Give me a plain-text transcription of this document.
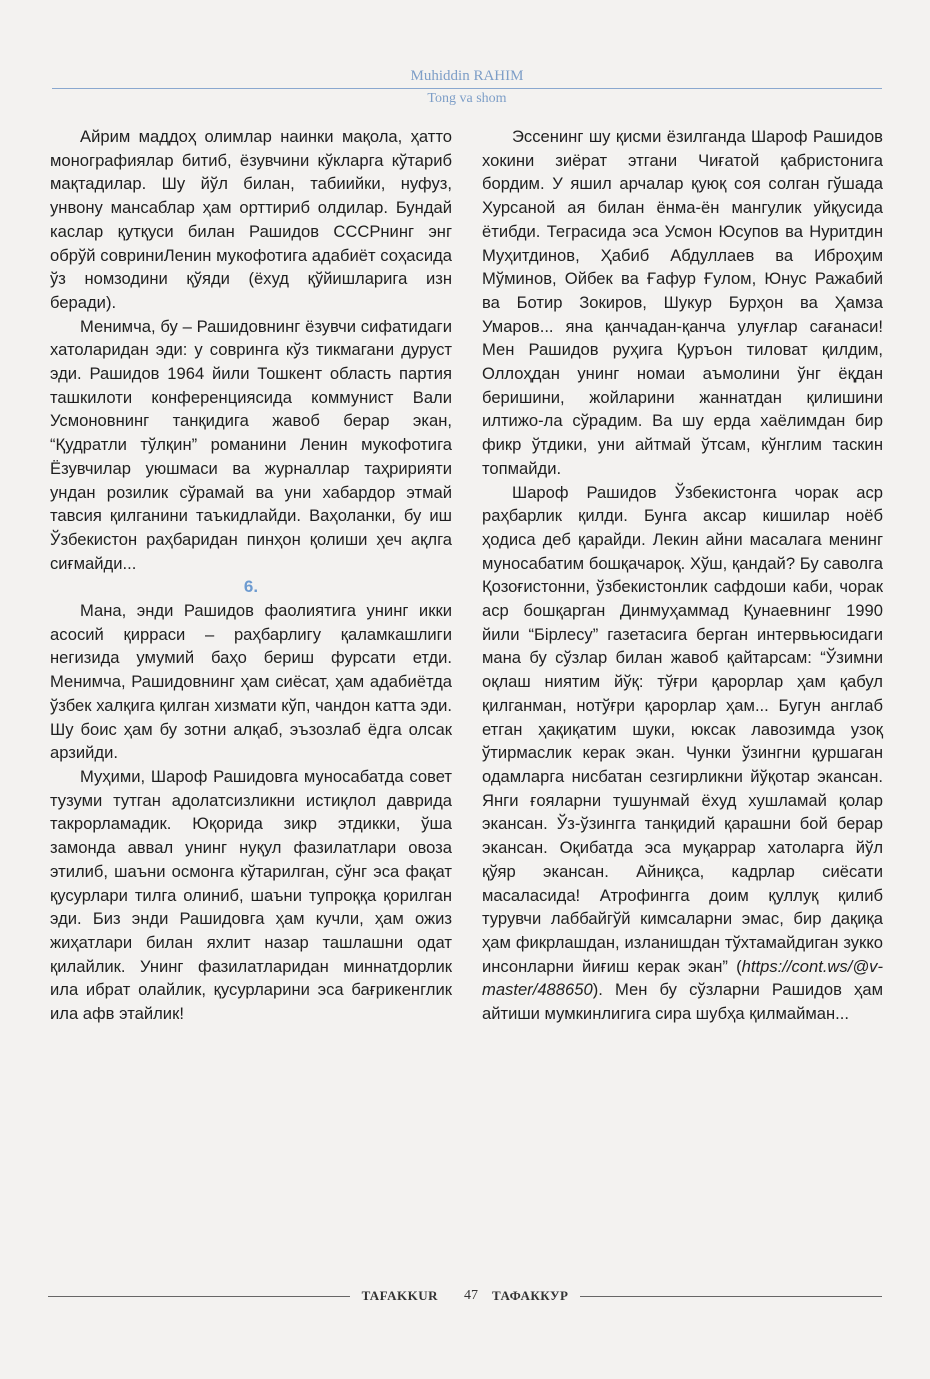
Muhiddin RAHIM
Tong va shom

Айрим маддоҳ олимлар наинки мақола, ҳатто монографиялар битиб, ёзувчини кўкларга кўтариб мақтадилар. Шу йўл билан, табиийки, нуфуз, унвону мансаблар ҳам орттириб олдилар. Бундай каслар қутқуси билан Рашидов СССРнинг энг обрўй совриниЛенин мукофотига адабиёт соҳасида ўз номзодини қўяди (ёхуд қўйишларига изн беради).

Менимча, бу – Рашидовнинг ёзувчи сифатидаги хатоларидан эди: у совринга кўз тикмагани дуруст эди. Рашидов 1964 йили Тошкент область партия ташкилоти конференциясида коммунист Вали Усмоновнинг танқидига жавоб берар экан, “Қудратли тўлқин” романини Ленин мукофотига Ёзувчилар уюшмаси ва журналлар таҳририяти ундан розилик сўрамай ва уни хабардор этмай тавсия қилганини таъкидлайди. Ваҳоланки, бу иш Ўзбекистон раҳбаридан пинҳон қолиши ҳеч ақлга сиғмайди...

6.

Мана, энди Рашидов фаолиятига унинг икки асосий қирраси – раҳбарлигу қаламкашлиги негизида умумий баҳо бериш фурсати етди. Менимча, Рашидовнинг ҳам сиёсат, ҳам адабиётда ўзбек халқига қилган хизмати кўп, чандон катта эди. Шу боис ҳам бу зотни алқаб, эъзозлаб ёдга олсак арзийди.

Муҳими, Шароф Рашидовга муносабатда совет тузуми тутган адолатсизликни истиқлол даврида такрорламадик. Юқорида зикр этдикки, ўша замонда аввал унинг нуқул фазилатлари овоза этилиб, шаъни осмонга кўтарилган, сўнг эса фақат қусурлари тилга олиниб, шаъни тупроққа қорилган эди. Биз энди Рашидовга ҳам кучли, ҳам ожиз жиҳатлари билан яхлит назар ташлашни одат қилайлик. Унинг фазилатларидан миннатдорлик ила ибрат олайлик, қусурларини эса бағрикенглик ила афв этайлик!

Эссенинг шу қисми ёзилганда Шароф Рашидов хокини зиёрат этгани Чиғатой қабристонига бордим. У яшил арчалар қуюқ соя солган гўшада Хурсаной ая билан ёнма-ён мангулик уйқусида ётибди. Теграсида эса Усмон Юсупов ва Нуритдин Муҳитдинов, Ҳабиб Абдуллаев ва Иброҳим Мўминов, Ойбек ва Ғафур Ғулом, Юнус Ражабий ва Ботир Зокиров, Шукур Бурҳон ва Ҳамза Умаров... яна қанчадан-қанча улуғлар сағанаси! Мен Рашидов руҳига Қуръон тиловат қилдим, Оллоҳдан унинг номаи аъмолини ўнг ёқдан беришини, жойларини жаннатдан қилишини илтижо-ла сўрадим. Ва шу ерда хаёлимдан бир фикр ўтдики, уни айтмай ўтсам, кўнглим таскин топмайди.

Шароф Рашидов Ўзбекистонга чорак аср раҳбарлик қилди. Бунга аксар кишилар ноёб ҳодиса деб қарайди. Лекин айни масалага менинг муносабатим бошқачароқ. Хўш, қандай? Бу саволга Қозоғистонни, ўзбекистонлик сафдоши каби, чорак аср бошқарган Динмуҳаммад Қунаевнинг 1990 йили “Бірлесу” газетасига берган интервьюсидаги мана бу сўзлар билан жавоб қайтарсам: “Ўзимни оқлаш ниятим йўқ: тўғри қарорлар ҳам қабул қилганман, нотўғри қарорлар ҳам... Бугун англаб етган ҳақиқатим шуки, юксак лавозимда узоқ ўтирмаслик керак экан. Чунки ўзингни қуршаган одамларга нисбатан сезгирликни йўқотар экансан. Янги ғояларни тушунмай ёхуд хушламай қолар экансан. Ўз-ўзингга танқидий қарашни бой берар экансан. Оқибатда эса муқаррар хатоларга йўл қўяр экансан. Айниқса, кадрлар сиёсати масаласида! Атрофингга доим қуллуқ қилиб турувчи лаббайгўй кимсаларни эмас, бир дақиқа ҳам фикрлашдан, изланишдан тўхтамайдиган зукко инсонларни йиғиш керак экан” (https://cont.ws/@v-master/488650). Мен бу сўзларни Рашидов ҳам айтиши мумкинлигига сира шубҳа қилмайман...

TAFAKKUR	47	ТАФАККУР
